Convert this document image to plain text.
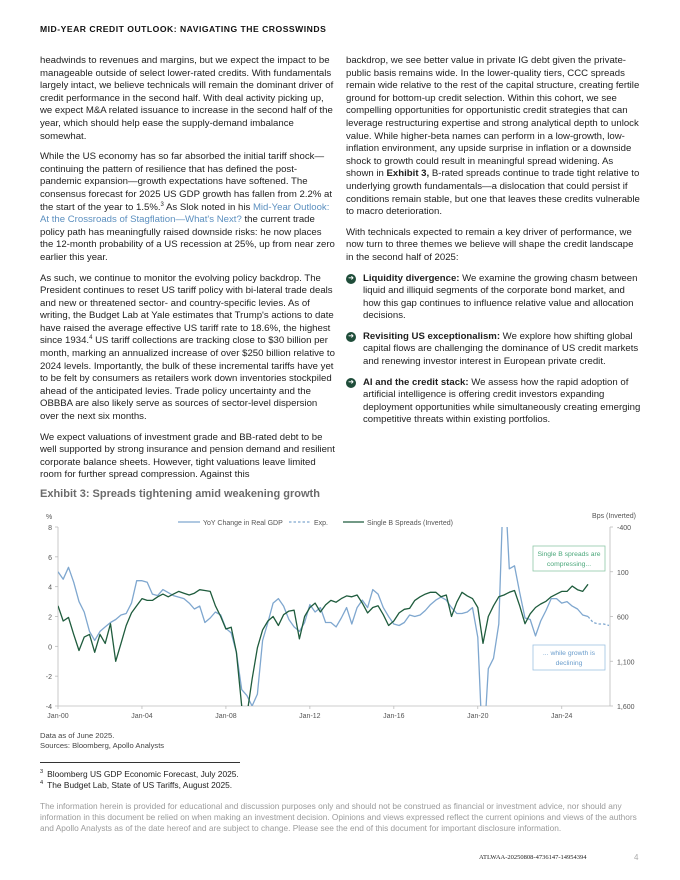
MID-YEAR CREDIT OUTLOOK: NAVIGATING THE CROSSWINDS

headwinds to revenues and margins, but we expect the impact to be manageable outside of select lower-rated credits. With fundamentals largely intact, we believe technicals will remain the dominant driver of credit performance in the second half. With deal activity picking up, we expect M&A related issuance to increase in the second half of the year, which should help ease the supply-demand imbalance somewhat.

While the US economy has so far absorbed the initial tariff shock—continuing the pattern of resilience that has defined the post-pandemic expansion—growth expectations have softened. The consensus forecast for 2025 US GDP growth has fallen from 2.2% at the start of the year to 1.5%.$^3$ As Slok noted in his Mid-Year Outlook: At the Crossroads of Stagflation—What's Next? the current trade policy path has meaningfully raised downside risks: he now places the 12-month probability of a US recession at 25%, up from near zero earlier this year.

As such, we continue to monitor the evolving policy backdrop. The President continues to reset US tariff policy with bi-lateral trade deals and new or threatened sector- and country-specific levies. As of writing, the Budget Lab at Yale estimates that Trump's actions to date have raised the average effective US tariff rate to 18.6%, the highest since 1934.$^4$ US tariff collections are tracking close to $30 billion per month, marking an annualized increase of over $250 billion relative to 2024 levels. Importantly, the bulk of these incremental tariffs have yet to be felt by consumers as retailers work down inventories stockpiled ahead of the anticipated levies. Trade policy uncertainty and the OBBBA are also likely serve as sources of sector-level dispersion over the next six months.

We expect valuations of investment grade and BB-rated debt to be well supported by strong insurance and pension demand and resilient corporate balance sheets. However, tight valuations leave limited room for further spread compression. Against this

backdrop, we see better value in private IG debt given the private-public basis remains wide. In the lower-quality tiers, CCC spreads remain wide relative to the rest of the capital structure, creating fertile ground for bottom-up credit selection. Within this cohort, we see compelling opportunities for opportunistic credit strategies that can leverage restructuring expertise and strong analytical depth to unlock value. While higher-beta names can perform in a low-growth, low-inflation environment, any upside surprise in inflation or a downside shock to growth could result in meaningful spread widening. As shown in Exhibit 3, B-rated spreads continue to trade tight relative to underlying growth fundamentals—a dislocation that could persist if conditions remain stable, but one that leaves these credits vulnerable to macro deterioration.

With technicals expected to remain a key driver of performance, we now turn to three themes we believe will shape the credit landscape in the second half of 2025:

➜ Liquidity divergence: We examine the growing chasm between liquid and illiquid segments of the corporate bond market, and how this gap continues to influence relative value and allocation decisions.
➜ Revisiting US exceptionalism: We explore how shifting global capital flows are challenging the dominance of US credit markets and renewing investor interest in European private credit.
➜ AI and the credit stack: We assess how the rapid adoption of artificial intelligence is offering credit investors expanding deployment opportunities while simultaneously creating emerging competitive threats within existing portfolios.
Exhibit 3: Spreads tightening amid weakening growth
8
6
4
2
0
-2
-4
-400
100
600
1,100
1,600
Jan-00	Jan-04	Jan-08	Jan-12	Jan-16	Jan-20	Jan-24
%	Bps (Inverted)
YoY Change in Real GDP	Exp.	Single B Spreads (Inverted)
Single B spreads are
compressing...
... while growth is
declining
Data as of June 2025.
Sources: Bloomberg, Apollo Analysts
$^3$ Bloomberg US GDP Economic Forecast, July 2025.
$^4$ The Budget Lab, State of US Tariffs, August 2025.
The information herein is provided for educational and discussion purposes only and should not be construed as financial or investment advice, nor should any information in this document be relied on when making an investment decision. Opinions and views expressed reflect the current opinions and views of the authors and Apollo Analysts as of the date hereof and are subject to change. Please see the end of this document for important disclosure information.
ATLWAA-20250808-4736147-14954394	4
